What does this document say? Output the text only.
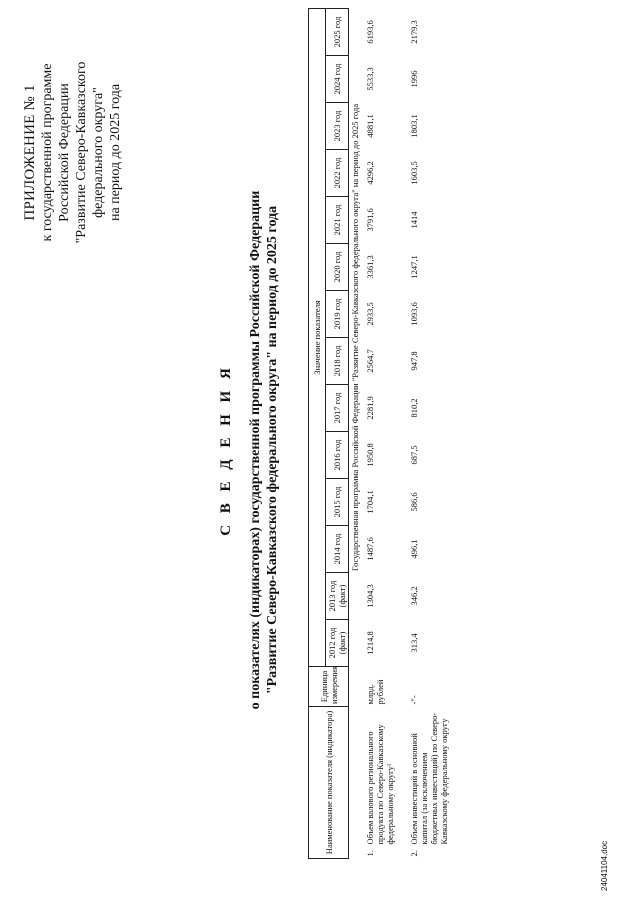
ПРИЛОЖЕНИЕ № 1 к государственной программе Российской Федерации "Развитие Северо-Кавказского федерального округа" на период до 2025 года
С В Е Д Е Н И Я о показателях (индикаторах) государственной программы Российской Федерации "Развитие Северо-Кавказского федерального округа" на период до 2025 года
Наименование показателя (индикатора)		Единица измерения	Значение показателя													
			2012 год (факт)	2013 год (факт)	2014 год	2015 год	2016 год	2017 год	2018 год	2019 год	2020 год	2021 год	2022 год	2023 год	2024 год	2025 год
			Государственная программа Российской Федерации "Развитие Северо-Кавказского федерального округа" на период до 2025 года													
1.	Объем валового регионального продукта по Северо-Кавказскому федеральному округу¹	млрд. рублей	1214,8	1304,3	1487,6	1704,1	1950,8	2281,9	2564,7	2933,5	3361,3	3791,6	4296,2	4881,1	5533,3	6193,6
2.	Объем инвестиций в основной капитал (за исключением бюджетных инвестиций) по Северо-Кавказскому федеральному округу	-"-	313,4	346,2	496,1	586,6	687,5	810,2	947,8	1093,6	1247,1	1414	1603,5	1803,1	1996	2179,3
24041104.doc
